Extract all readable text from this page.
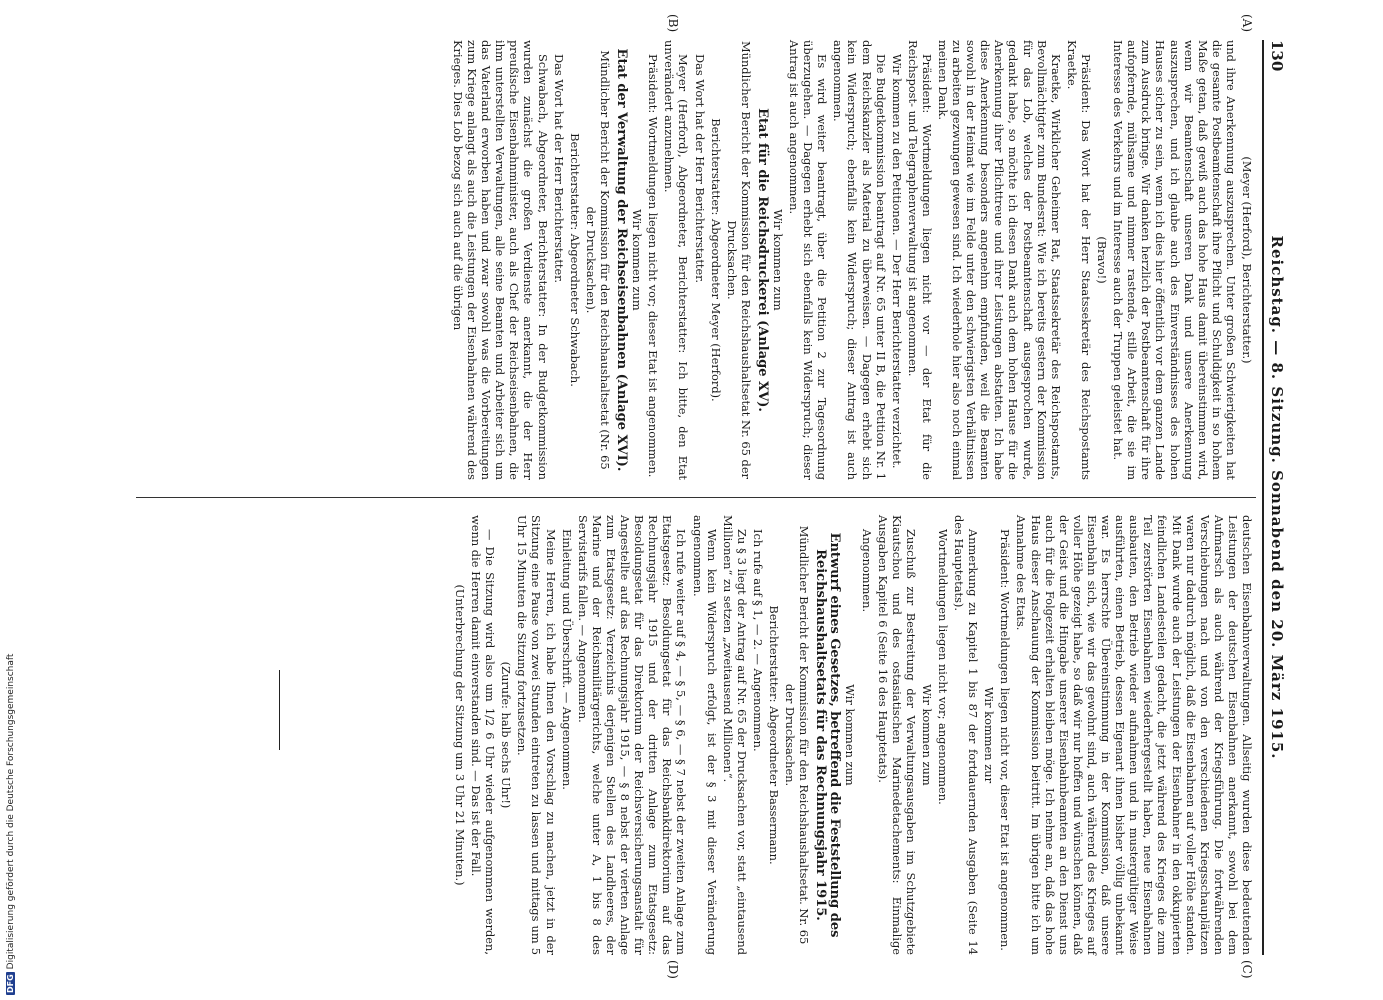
DFGDigitalisierung gefördert durch die Deutsche Forschungsgemeinschaft
130
Reichstag. — 8. Sitzung. Sonnabend den 20. März 1915.
(A)
(B)
(C)
(D)

(Meyer (Herford), Berichterstatter.)

und ihre Anerkennung auszusprechen. Unter großen Schwierigkeiten hat die gesamte Postbeamtenschaft ihre Pflicht und Schuldigkeit in so hohem Maße getan, daß gewiß auch das hohe Haus damit übereinstimmen wird, wenn wir Beamtenschaft unseren Dank und unsere Anerkennung auszusprechen, und ich glaube auch des Einverständnisses des hohen Hauses sicher zu sein, wenn ich dies hier öffentlich vor dem ganzen Lande zum Ausdruck bringe. Wir danken herzlich der Postbeamtenschaft für ihre aufopfernde, mühsame und nimmer rastende, stille Arbeit, die sie im Interesse des Verkehrs und im Interesse auch der Truppen geleistet hat.

(Bravo!)

Präsident: Das Wort hat der Herr Staatssekretär des Reichspostamts Kraetke.

Kraetke, Wirklicher Geheimer Rat, Staatssekretär des Reichspostamts, Bevollmächtigter zum Bundesrat: Wie ich bereits gestern der Kommission für das Lob, welches der Postbeamtenschaft ausgesprochen wurde, gedankt habe, so möchte ich diesen Dank auch dem hohen Hause für die Anerkennung ihrer Pflichttreue und ihrer Leistungen abstatten. Ich habe diese Anerkennung besonders angenehm empfunden, weil die Beamten sowohl in der Heimat wie im Felde unter den schwierigsten Verhältnissen zu arbeiten gezwungen gewesen sind. Ich wiederhole hier also noch einmal meinen Dank.

Präsident: Wortmeldungen liegen nicht vor — der Etat für die Reichspost- und Telegraphenverwaltung ist angenommen.

Wir kommen zu den Petitionen. — Der Herr Berichterstatter verzichtet.

Die Budgetkommission beantragt auf Nr. 65 unter II B, die Petition Nr. 1 dem Reichskanzler als Material zu überweisen. — Dagegen erhebt sich kein Widerspruch; ebenfalls kein Widerspruch; dieser Antrag ist auch angenommen.

Es wird weiter beantragt, über die Petition 2 zur Tagesordnung überzugehen. — Dagegen erhebt sich ebenfalls kein Widerspruch; dieser Antrag ist auch angenommen.

Wir kommen zum

Etat für die Reichsdruckerei (Anlage XV).

Mündlicher Bericht der Kommission für den Reichshaushaltsetat Nr. 65 der Drucksachen.

Berichterstatter: Abgeordneter Meyer (Herford).

Das Wort hat der Herr Berichterstatter.

Meyer (Herford), Abgeordneter, Berichterstatter: Ich bitte, den Etat unverändert anzunehmen.

Präsident: Wortmeldungen liegen nicht vor; dieser Etat ist angenommen.

Wir kommen zum

Etat der Verwaltung der Reichseisenbahnen (Anlage XVI).

Mündlicher Bericht der Kommission für den Reichshaushaltsetat (Nr. 65 der Drucksachen).

Berichterstatter: Abgeordneter Schwabach.

Das Wort hat der Herr Berichterstatter.

Schwabach, Abgeordneter, Berichterstatter: In der Budgetkommission wurden zunächst die großen Verdienste anerkannt, die der Herr preußische Eisenbahnminister, auch als Chef der Reichseisenbahnen, die ihm unterstellten Verwaltungen, alle seine Beamten und Arbeiter sich um das Vaterland erworben haben und zwar sowohl was die Vorbereitungen zum Kriege anlangt als auch die Leistungen der Eisenbahnen während des Krieges. Dies Lob bezog sich auch auf die übrigen

deutschen Eisenbahnverwaltungen. Allseitig wurden diese bedeutenden Leistungen der deutschen Eisenbahnen anerkannt, sowohl bei dem Aufmarsch als auch während der Kriegsführung. Die fortwährenden Verschiebungen nach und von den verschiedenen Kriegsschauplätzen waren nur dadurch möglich, daß die Eisenbahnen auf voller Höhe standen. Mit Dank wurde auch der Leistungen der Eisenbahner in den okkupierten feindlichen Landesteilen gedacht, die jetzt während des Krieges die zum Teil zerstörten Eisenbahnen wiederhergestellt haben, neue Eisenbahnen ausbauten, den Betrieb wieder aufnahmen und in mustergültiger Weise ausführten, einen Betrieb, dessen Eigenart ihnen bisher völlig unbekannt war. Es herrschte Übereinstimmung in der Kommission, daß unsere Eisenbahn sich, wie wir das gewohnt sind, auch während des Krieges auf voller Höhe gezeigt habe, so daß wir nur hoffen und wünschen können, daß der Geist und die Hingabe unserer Eisenbahnbeamten an den Dienst uns auch für die Folgezeit erhalten bleiben möge. Ich nehme an, daß das hohe Haus dieser Anschauung der Kommission beitritt. Im übrigen bitte ich um Annahme des Etats.

Präsident: Wortmeldungen liegen nicht vor, dieser Etat ist angenommen.

Wir kommen zur

Anmerkung zu Kapitel 1 bis 87 der fortdauernden Ausgaben (Seite 14 des Hauptetats).

Wortmeldungen liegen nicht vor; angenommen.

Wir kommen zum

Zuschuß zur Bestreitung der Verwaltungsausgaben im Schutzgebiete Kiautschou und des ostasiatischen Marinedetachements: Einmalige Ausgaben Kapitel 6 (Seite 16 des Hauptetats).

Angenommen.

Wir kommen zum

Entwurf eines Gesetzes, betreffend die Feststellung des Reichshaushaltsetats für das Rechnungsjahr 1915.

Mündlicher Bericht der Kommission für den Reichshaushaltsetat. Nr. 65 der Drucksachen.

Berichterstatter: Abgeordneter Bassermann.

Ich rufe auf § 1, — 2. — Angenommen.

Zu § 3 liegt der Antrag auf Nr. 65 der Drucksachen vor, statt „eintausend Millionen“ zu setzen „zweitausend Millionen“.

Wenn kein Widerspruch erfolgt, ist der § 3 mit dieser Veränderung angenommen.

Ich rufe weiter auf § 4, — § 5, — § 6, — § 7 nebst der zweiten Anlage zum Etatsgesetz: Besoldungsetat für das Reichsbankdirektorium auf das Rechnungsjahr 1915 und der dritten Anlage zum Etatsgesetz: Besoldungsetat für das Direktorium der Reichsversicherungsanstalt für Angestellte auf das Rechnungsjahr 1915, — § 8 nebst der vierten Anlage zum Etatsgesetz: Verzeichnis derjenigen Stellen des Landheeres, der Marine und der Reichsmilitärgerichts, welche unter A, 1 bis 8 des Servistarifs fallen. — Angenommen.

Einleitung und Überschrift. — Angenommen.

Meine Herren, ich habe Ihnen den Vorschlag zu machen, jetzt in der Sitzung eine Pause von zwei Stunden eintreten zu lassen und mittags um 5 Uhr 15 Minuten die Sitzung fortzusetzen.

(Zurufe: halb sechs Uhr!)

— Die Sitzung wird also um 1/2 6 Uhr wieder aufgenommen werden, wenn die Herren damit einverstanden sind. — Das ist der Fall.

(Unterbrechung der Sitzung um 3 Uhr 21 Minuten.)
